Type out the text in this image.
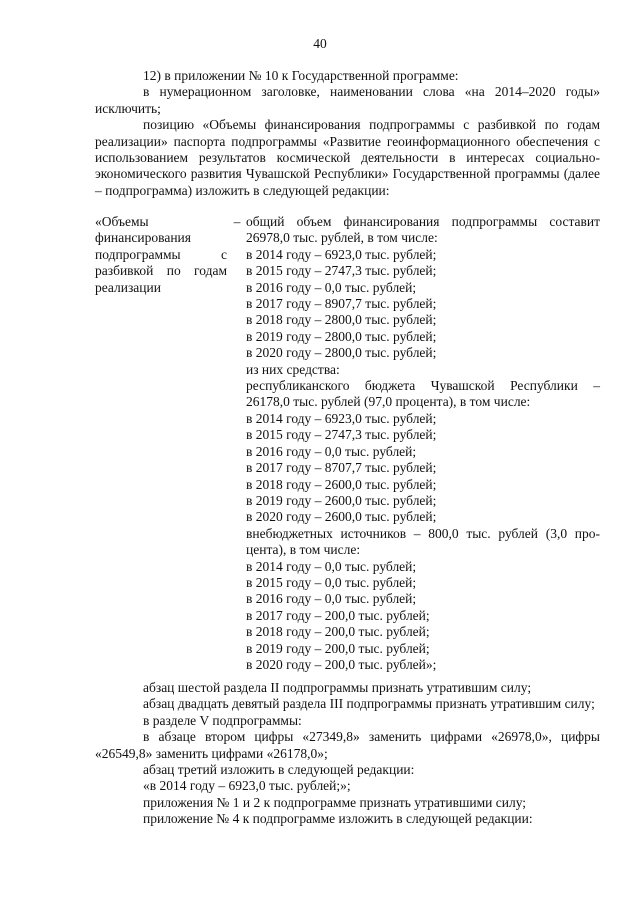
40

12) в приложении № 10 к Государственной программе:

в нумерационном заголовке, наименовании слова «на 2014–2020 годы» исключить;

позицию «Объемы финансирования подпрограммы с разбивкой по годам реализации» паспорта подпрограммы «Развитие геоинформационного обеспечения с использованием результатов космической деятельности в интересах социально-экономического развития Чувашской Республики» Государственной программы (далее – подпрограмма) изложить в следующей редакции:

«Объемы финансирования подпрограммы с разбивкой по годам реализации
– общий объем финансирования подпрограммы составит
26978,0 тыс. рублей, в том числе:
в 2014 году – 6923,0 тыс. рублей;
в 2015 году – 2747,3 тыс. рублей;
в 2016 году – 0,0 тыс. рублей;
в 2017 году – 8907,7 тыс. рублей;
в 2018 году – 2800,0 тыс. рублей;
в 2019 году – 2800,0 тыс. рублей;
в 2020 году – 2800,0 тыс. рублей;
из них средства:
республиканского бюджета Чувашской Республики –
26178,0 тыс. рублей (97,0 процента), в том числе:
в 2014 году – 6923,0 тыс. рублей;
в 2015 году – 2747,3 тыс. рублей;
в 2016 году – 0,0 тыс. рублей;
в 2017 году – 8707,7 тыс. рублей;
в 2018 году – 2600,0 тыс. рублей;
в 2019 году – 2600,0 тыс. рублей;
в 2020 году – 2600,0 тыс. рублей;
внебюджетных источников – 800,0 тыс. рублей (3,0 про-
цента), в том числе:
в 2014 году – 0,0 тыс. рублей;
в 2015 году – 0,0 тыс. рублей;
в 2016 году – 0,0 тыс. рублей;
в 2017 году – 200,0 тыс. рублей;
в 2018 году – 200,0 тыс. рублей;
в 2019 году – 200,0 тыс. рублей;
в 2020 году – 200,0 тыс. рублей»;

абзац шестой раздела II подпрограммы признать утратившим силу;

абзац двадцать девятый раздела III подпрограммы признать утратившим силу;

в разделе V подпрограммы:

в абзаце втором цифры «27349,8» заменить цифрами «26978,0», цифры «26549,8» заменить цифрами «26178,0»;

абзац третий изложить в следующей редакции:

«в 2014 году – 6923,0 тыс. рублей;»;

приложения № 1 и 2 к подпрограмме признать утратившими силу;

приложение № 4 к подпрограмме изложить в следующей редакции:
